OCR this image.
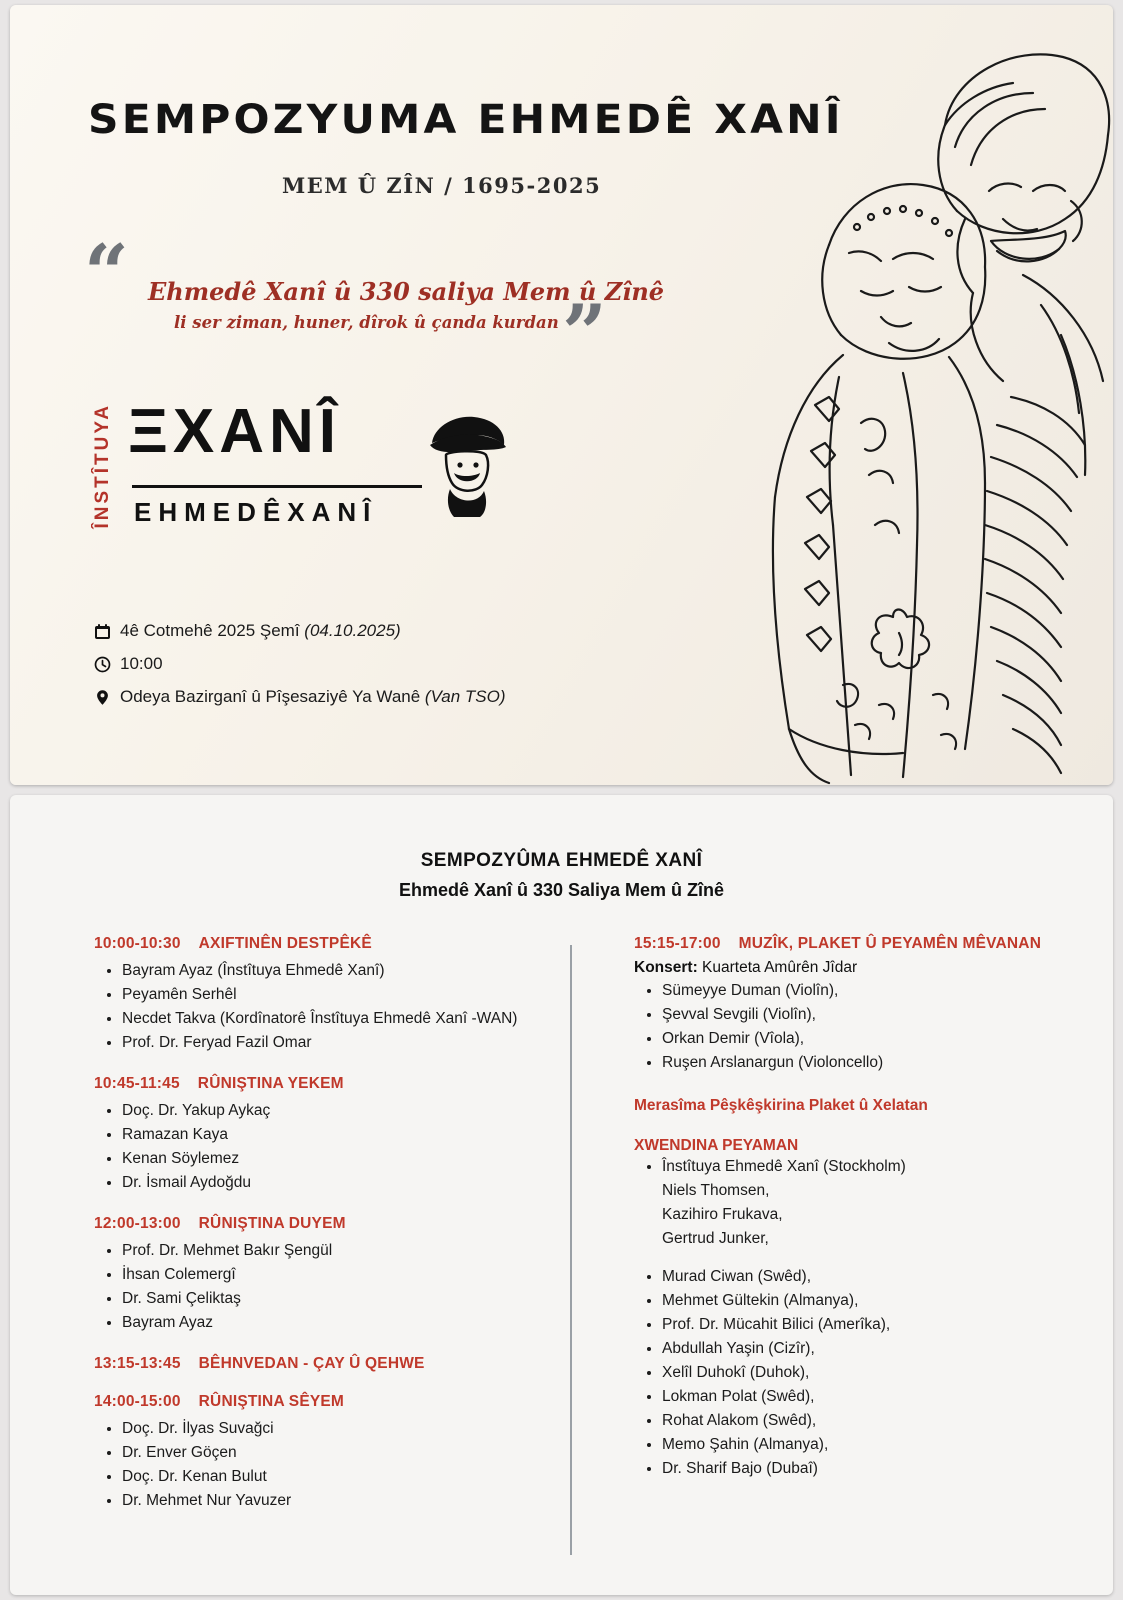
SEMPOZYUMA EHMEDÊ XANÎ
MEM Û ZÎN / 1695-2025
“
”
Ehmedê Xanî û 330 saliya Mem û Zînê
li ser ziman, huner, dîrok û çanda kurdan
ÎNSTÎTUYA ΞXANÎ
EHMEDÊXANÎ
4ê Cotmehê 2025 Şemî (04.10.2025)
10:00
Odeya Bazirganî û Pîşesaziyê Ya Wanê (Van TSO)
SEMPOZYÛMA EHMEDÊ XANÎ
Ehmedê Xanî û 330 Saliya Mem û Zînê
10:00-10:30 AXIFTINÊN DESTPÊKÊ
• Bayram Ayaz (Înstîtuya Ehmedê Xanî)
• Peyamên Serhêl
• Necdet Takva (Kordînatorê Înstîtuya Ehmedê Xanî -WAN)
• Prof. Dr. Feryad Fazil Omar
10:45-11:45 RÛNIŞTINA YEKEM
• Doç. Dr. Yakup Aykaç
• Ramazan Kaya
• Kenan Söylemez
• Dr. İsmail Aydoğdu
12:00-13:00 RÛNIŞTINA DUYEM
• Prof. Dr. Mehmet Bakır Şengül
• İhsan Colemergî
• Dr. Sami Çeliktaş
• Bayram Ayaz
13:15-13:45 BÊHNVEDAN - ÇAY Û QEHWE
14:00-15:00 RÛNIŞTINA SÊYEM
• Doç. Dr. İlyas Suvağci
• Dr. Enver Göçen
• Doç. Dr. Kenan Bulut
• Dr. Mehmet Nur Yavuzer
15:15-17:00 MUZÎK, PLAKET Û PEYAMÊN MÊVANAN
Konsert: Kuarteta Amûrên Jîdar
• Sümeyye Duman (Violîn),
• Şevval Sevgili (Violîn),
• Orkan Demir (Vîola),
• Ruşen Arslanargun (Violoncello)
Merasîma Pêşkêşkirina Plaket û Xelatan
XWENDINA PEYAMAN
• Înstîtuya Ehmedê Xanî (Stockholm)
Niels Thomsen,
Kazihiro Frukava,
Gertrud Junker,
• Murad Ciwan (Swêd),
• Mehmet Gültekin (Almanya),
• Prof. Dr. Mücahit Bilici (Amerîka),
• Abdullah Yaşin (Cizîr),
• Xelîl Duhokî (Duhok),
• Lokman Polat (Swêd),
• Rohat Alakom (Swêd),
• Memo Şahin (Almanya),
• Dr. Sharif Bajo (Dubaî)
